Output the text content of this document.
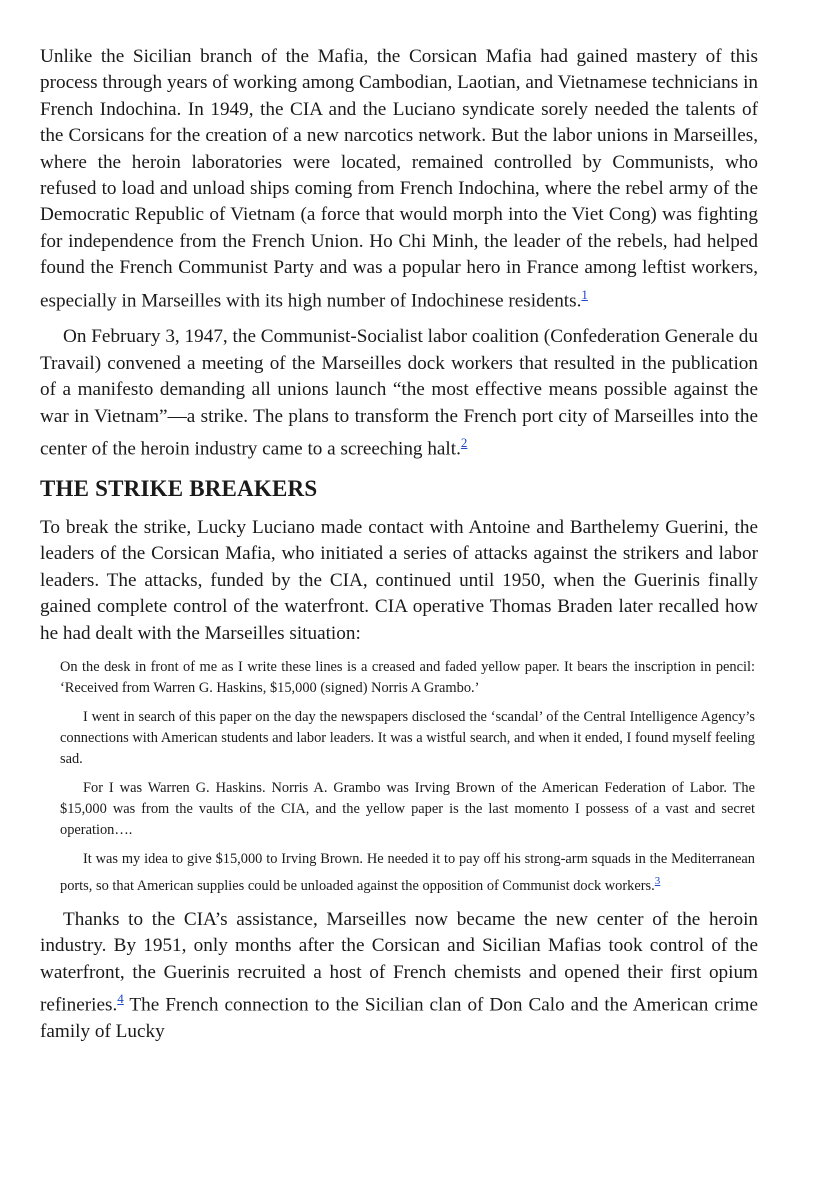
Unlike the Sicilian branch of the Mafia, the Corsican Mafia had gained mastery of this process through years of working among Cambodian, Laotian, and Vietnamese technicians in French Indochina. In 1949, the CIA and the Luciano syndicate sorely needed the talents of the Corsicans for the creation of a new narcotics network. But the labor unions in Marseilles, where the heroin laboratories were located, remained controlled by Communists, who refused to load and unload ships coming from French Indochina, where the rebel army of the Democratic Republic of Vietnam (a force that would morph into the Viet Cong) was fighting for independence from the French Union. Ho Chi Minh, the leader of the rebels, had helped found the French Communist Party and was a popular hero in France among leftist workers, especially in Marseilles with its high number of Indochinese residents.$^1$

On February 3, 1947, the Communist-Socialist labor coalition (Confederation Generale du Travail) convened a meeting of the Marseilles dock workers that resulted in the publication of a manifesto demanding all unions launch “the most effective means possible against the war in Vietnam”—a strike. The plans to transform the French port city of Marseilles into the center of the heroin industry came to a screeching halt.$^2$

THE STRIKE BREAKERS

To break the strike, Lucky Luciano made contact with Antoine and Barthelemy Guerini, the leaders of the Corsican Mafia, who initiated a series of attacks against the strikers and labor leaders. The attacks, funded by the CIA, continued until 1950, when the Guerinis finally gained complete control of the waterfront. CIA operative Thomas Braden later recalled how he had dealt with the Marseilles situation:

On the desk in front of me as I write these lines is a creased and faded yellow paper. It bears the inscription in pencil: ‘Received from Warren G. Haskins, $15,000 (signed) Norris A Grambo.’

I went in search of this paper on the day the newspapers disclosed the ‘scandal’ of the Central Intelligence Agency’s connections with American students and labor leaders. It was a wistful search, and when it ended, I found myself feeling sad.

For I was Warren G. Haskins. Norris A. Grambo was Irving Brown of the American Federation of Labor. The $15,000 was from the vaults of the CIA, and the yellow paper is the last momento I possess of a vast and secret operation….

It was my idea to give $15,000 to Irving Brown. He needed it to pay off his strong-arm squads in the Mediterranean ports, so that American supplies could be unloaded against the opposition of Communist dock workers.$^3$

Thanks to the CIA’s assistance, Marseilles now became the new center of the heroin industry. By 1951, only months after the Corsican and Sicilian Mafias took control of the waterfront, the Guerinis recruited a host of French chemists and opened their first opium refineries.$^4$ The French connection to the Sicilian clan of Don Calo and the American crime family of Lucky
